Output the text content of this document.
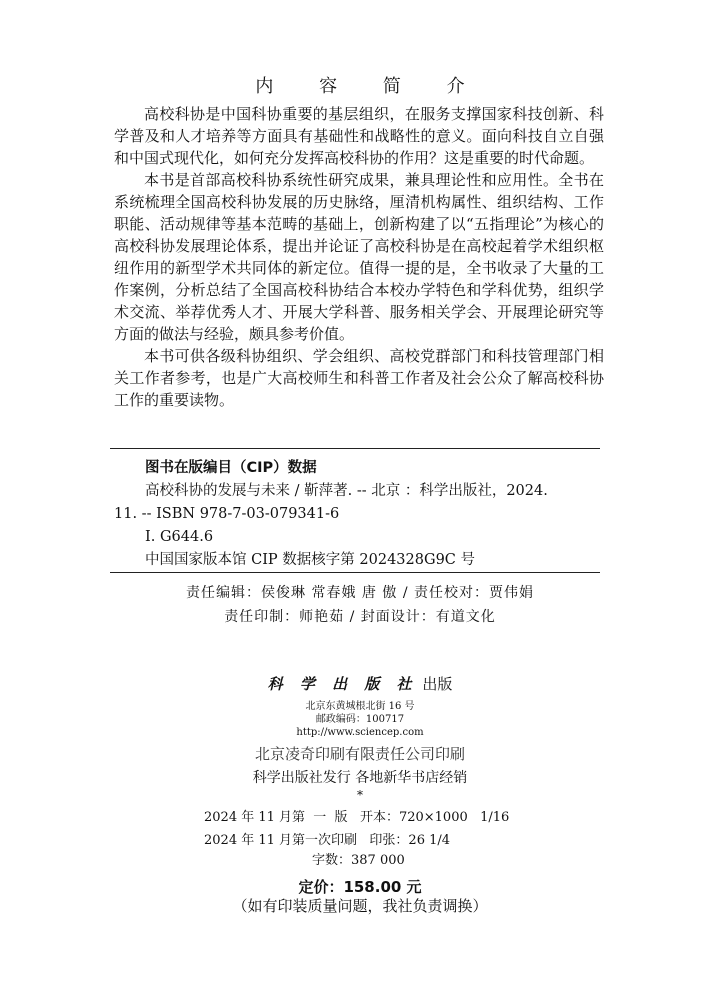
内 容 简 介

高校科协是中国科协重要的基层组织，在服务支撑国家科技创新、科学普及和人才培养等方面具有基础性和战略性的意义。面向科技自立自强和中国式现代化，如何充分发挥高校科协的作用？这是重要的时代命题。

本书是首部高校科协系统性研究成果，兼具理论性和应用性。全书在系统梳理全国高校科协发展的历史脉络，厘清机构属性、组织结构、工作职能、活动规律等基本范畴的基础上，创新构建了以“五指理论”为核心的高校科协发展理论体系，提出并论证了高校科协是在高校起着学术组织枢纽作用的新型学术共同体的新定位。值得一提的是，全书收录了大量的工作案例，分析总结了全国高校科协结合本校办学特色和学科优势，组织学术交流、举荐优秀人才、开展大学科普、服务相关学会、开展理论研究等方面的做法与经验，颇具参考价值。

本书可供各级科协组织、学会组织、高校党群部门和科技管理部门相关工作者参考，也是广大高校师生和科普工作者及社会公众了解高校科协工作的重要读物。

图书在版编目（CIP）数据
高校科协的发展与未来 / 靳萍著. -- 北京 ：科学出版社，2024.
11. -- ISBN 978-7-03-079341-6
Ⅰ. G644.6
中国国家版本馆 CIP 数据核字第 2024328G9C 号
责任编辑：侯俊琳 常春娥 唐 傲 / 责任校对：贾伟娟
责任印制：师艳茹 / 封面设计：有道文化
科 学 出 版 社 出版
北京东黄城根北街 16 号
邮政编码：100717
http://www.sciencep.com
北京凌奇印刷有限责任公司印刷
科学出版社发行 各地新华书店经销
*
2024 年 11 月第  一  版   开本：720×1000   1/16
2024 年 11 月第一次印刷   印张：26 1/4
字数：387 000
定价：158.00 元
（如有印装质量问题，我社负责调换）
